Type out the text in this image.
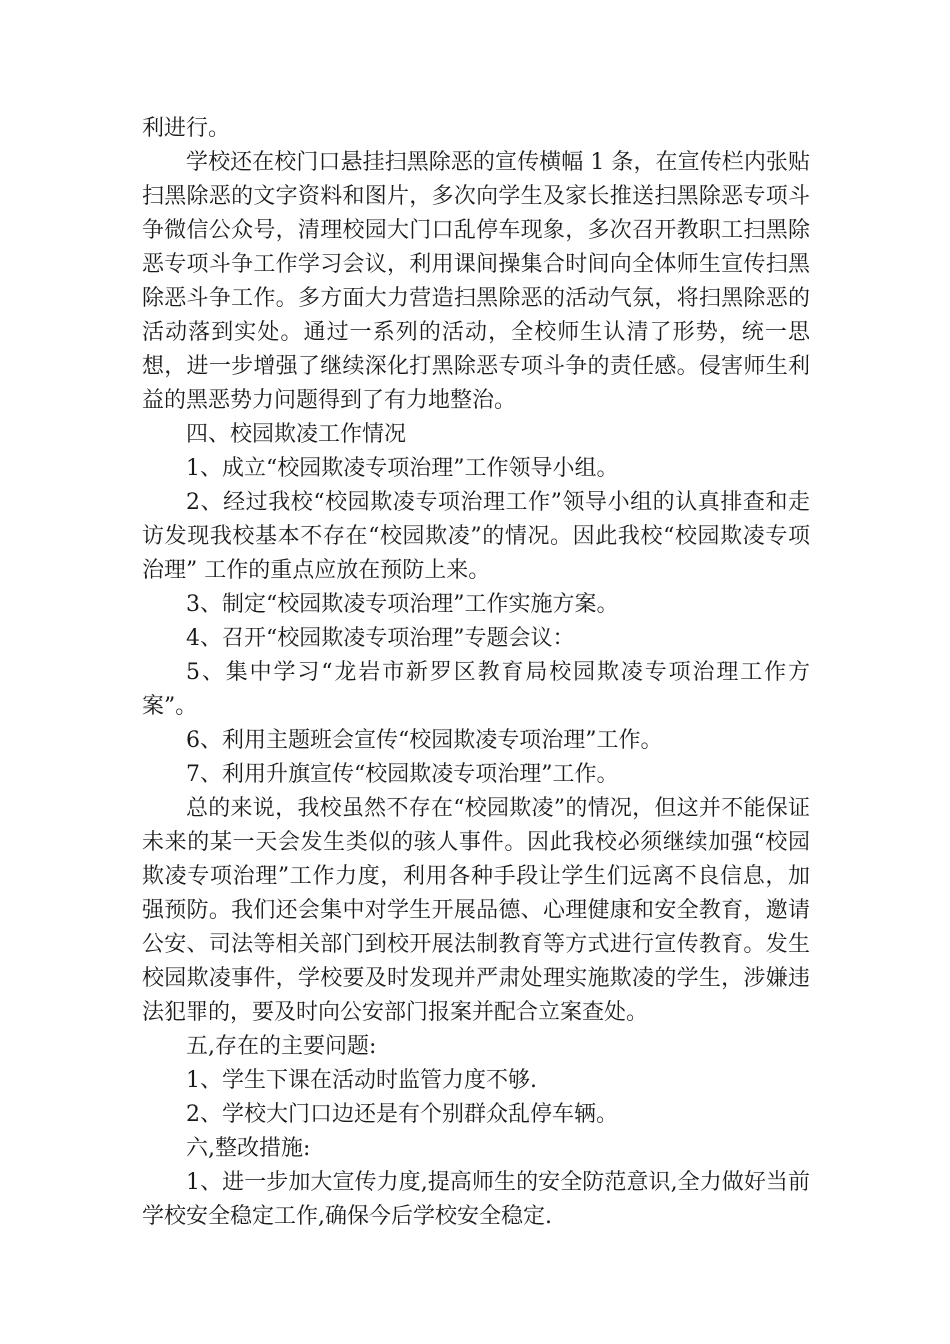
利进行。

学校还在校门口悬挂扫黑除恶的宣传横幅 1 条，在宣传栏内张贴扫黑除恶的文字资料和图片，多次向学生及家长推送扫黑除恶专项斗争微信公众号，清理校园大门口乱停车现象，多次召开教职工扫黑除恶专项斗争工作学习会议，利用课间操集合时间向全体师生宣传扫黑除恶斗争工作。多方面大力营造扫黑除恶的活动气氛，将扫黑除恶的活动落到实处。通过一系列的活动，全校师生认清了形势，统一思想，进一步增强了继续深化打黑除恶专项斗争的责任感。侵害师生利益的黑恶势力问题得到了有力地整治。

四、校园欺凌工作情况

1、成立“校园欺凌专项治理”工作领导小组。

2、经过我校“校园欺凌专项治理工作”领导小组的认真排查和走访发现我校基本不存在“校园欺凌”的情况。因此我校“校园欺凌专项治理” 工作的重点应放在预防上来。

3、制定“校园欺凌专项治理”工作实施方案。

4、召开“校园欺凌专项治理”专题会议：

5、集中学习“龙岩市新罗区教育局校园欺凌专项治理工作方案”。

6、利用主题班会宣传“校园欺凌专项治理”工作。

7、利用升旗宣传“校园欺凌专项治理”工作。

总的来说，我校虽然不存在“校园欺凌”的情况，但这并不能保证未来的某一天会发生类似的骇人事件。因此我校必须继续加强“校园欺凌专项治理”工作力度，利用各种手段让学生们远离不良信息，加强预防。我们还会集中对学生开展品德、心理健康和安全教育，邀请公安、司法等相关部门到校开展法制教育等方式进行宣传教育。发生校园欺凌事件，学校要及时发现并严肃处理实施欺凌的学生，涉嫌违法犯罪的，要及时向公安部门报案并配合立案查处。

五,存在的主要问题:

1、学生下课在活动时监管力度不够.

2、学校大门口边还是有个别群众乱停车辆。

六,整改措施:

1、进一步加大宣传力度,提高师生的安全防范意识,全力做好当前学校安全稳定工作,确保今后学校安全稳定.
